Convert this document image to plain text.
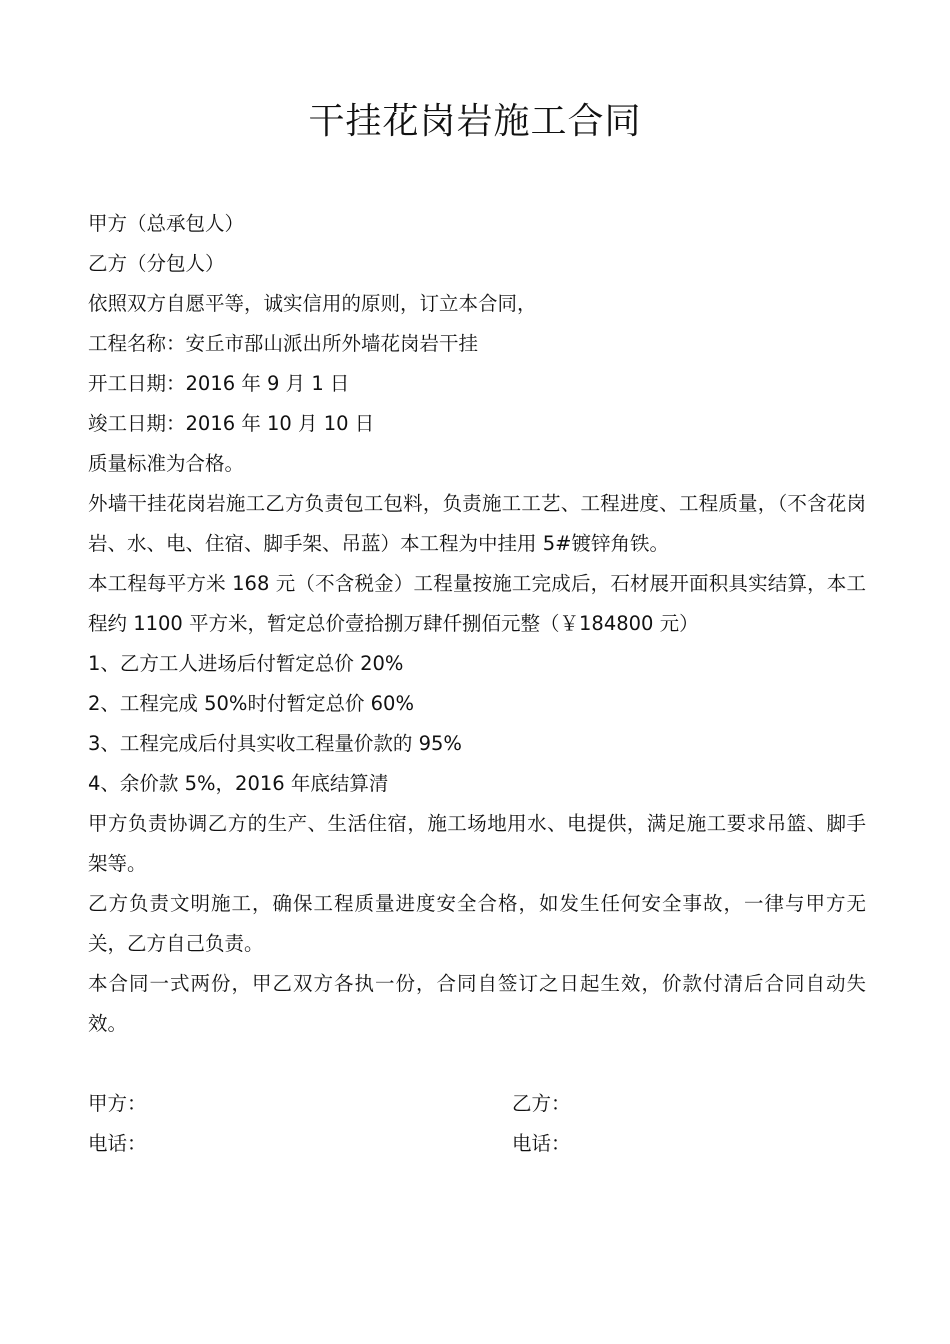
干挂花岗岩施工合同

甲方（总承包人）

乙方（分包人）

依照双方自愿平等，诚实信用的原则，订立本合同，

工程名称：安丘市郚山派出所外墙花岗岩干挂

开工日期：2016 年 9 月 1 日

竣工日期：2016 年 10 月 10 日

质量标准为合格。

外墙干挂花岗岩施工乙方负责包工包料，负责施工工艺、工程进度、工程质量，（不含花岗岩、水、电、住宿、脚手架、吊蓝）本工程为中挂用 5#镀锌角铁。

本工程每平方米 168 元（不含税金）工程量按施工完成后，石材展开面积具实结算，本工程约 1100 平方米，暂定总价壹拾捌万肆仟捌佰元整（￥184800 元）

1、乙方工人进场后付暂定总价 20%

2、工程完成 50%时付暂定总价 60%

3、工程完成后付具实收工程量价款的 95%

4、余价款 5%，2016 年底结算清

甲方负责协调乙方的生产、生活住宿，施工场地用水、电提供，满足施工要求吊篮、脚手架等。

乙方负责文明施工，确保工程质量进度安全合格，如发生任何安全事故，一律与甲方无关，乙方自己负责。

本合同一式两份，甲乙双方各执一份，合同自签订之日起生效，价款付清后合同自动失效。

甲方：
电话：
乙方：
电话：
